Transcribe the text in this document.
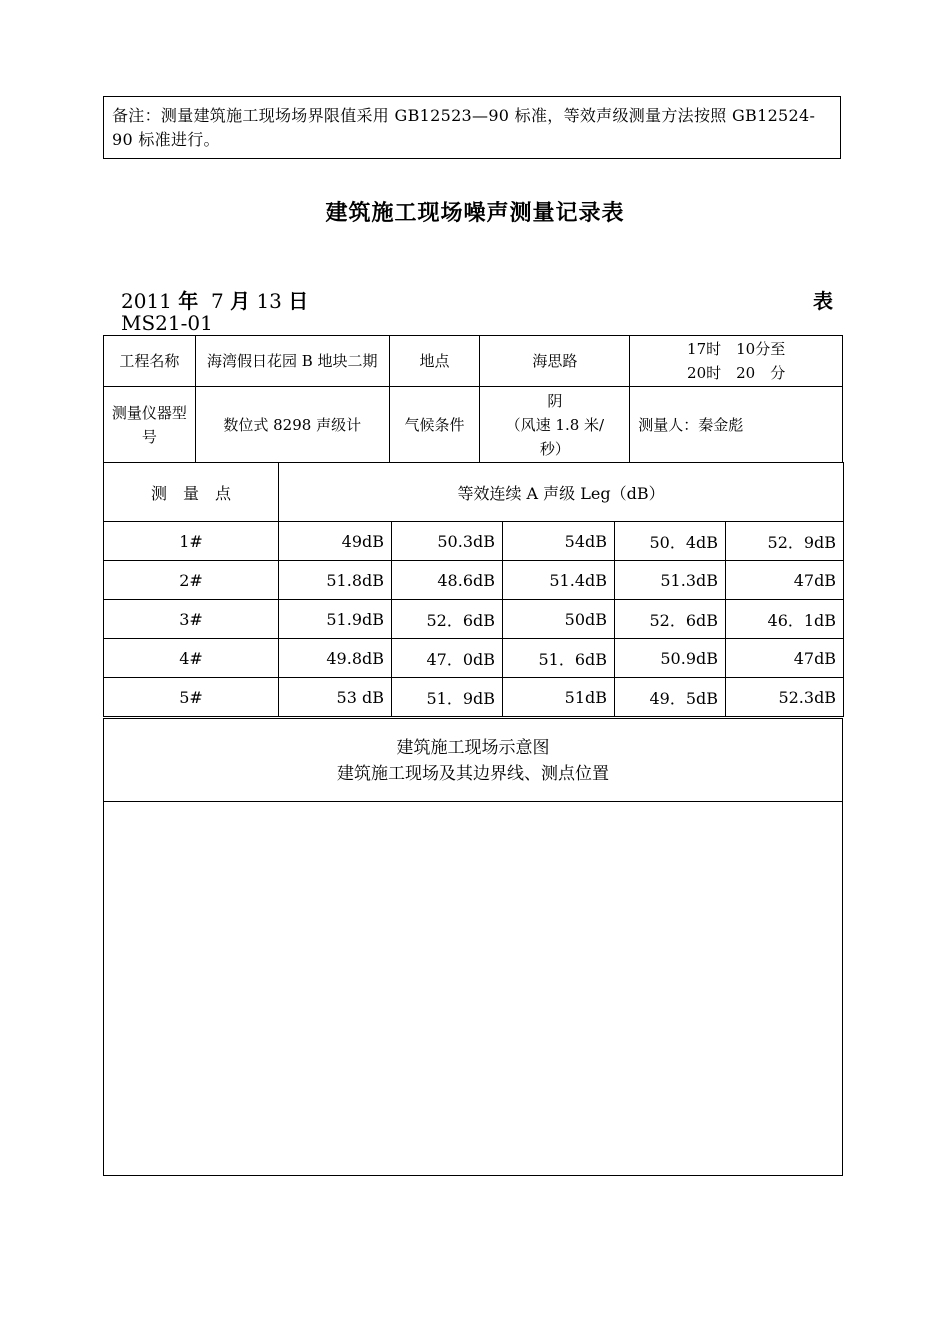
备注：测量建筑施工现场场界限值采用 GB12523—90 标准，等效声级测量方法按照 GB12524-90 标准进行。
建筑施工现场噪声测量记录表
2011 年 7 月 13 日	表
MS21-01
工程名称	海湾假日花园 B 地块二期	地点	海思路	17时　10分至
20时　20　分

测量仪器型号	数位式 8298 声级计	气候条件	阴
（风速 1.8 米/
秒）	测量人：秦金彪
测　量　点	等效连续 A 声级 Leg（dB）				
1#	49dB	50.3dB	54dB	50．4dB	52．9dB
2#	51.8dB	48.6dB	51.4dB	51.3dB	47dB
3#	51.9dB	52．6dB	50dB	52．6dB	46．1dB
4#	49.8dB	47．0dB	51．6dB	50.9dB	47dB
5#	53 dB	51．9dB	51dB	49．5dB	52.3dB
建筑施工现场示意图
建筑施工现场及其边界线、测点位置
